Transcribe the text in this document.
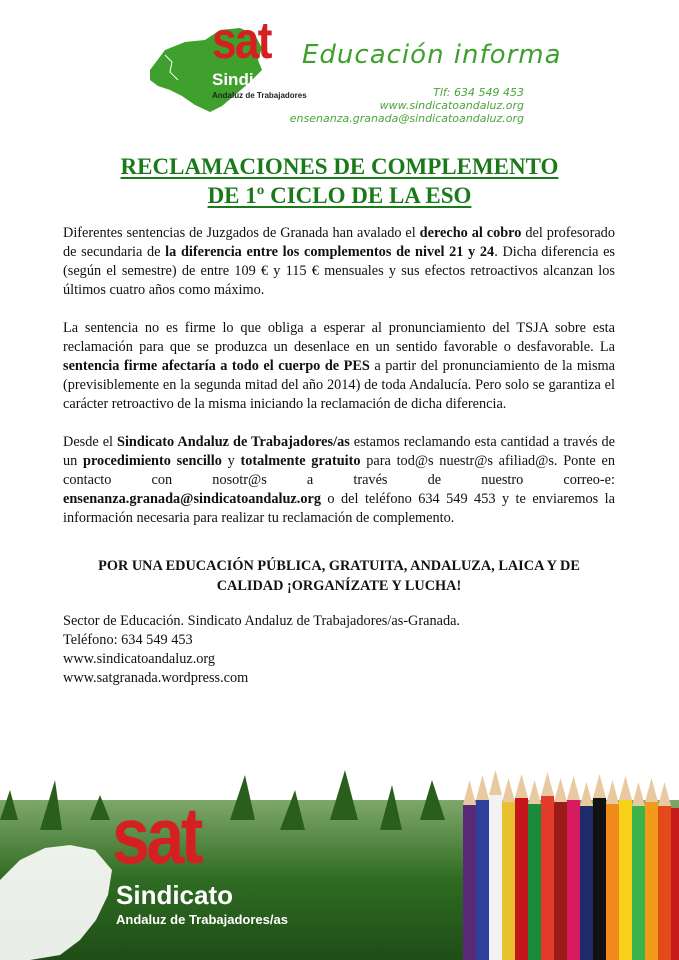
sat
Sindicato
Andaluz de Trabajadores
Educación informa
Tlf: 634 549 453
www.sindicatoandaluz.org
ensenanza.granada@sindicatoandaluz.org
RECLAMACIONES DE COMPLEMENTO
DE 1º CICLO DE LA ESO

Diferentes sentencias de Juzgados de Granada han avalado el derecho al cobro del profesorado de secundaria de la diferencia entre los complementos de nivel 21 y 24. Dicha diferencia es (según el semestre) de entre 109 € y 115 € mensuales y sus efectos retroactivos alcanzan los últimos cuatro años como máximo.

La sentencia no es firme lo que obliga a esperar al pronunciamiento del TSJA sobre esta reclamación para que se produzca un desenlace en un sentido favorable o desfavorable. La sentencia firme afectaría a todo el cuerpo de PES a partir del pronunciamiento de la misma (previsiblemente en la segunda mitad del año 2014) de toda Andalucía. Pero solo se garantiza el carácter retroactivo de la misma iniciando la reclamación de dicha diferencia.

Desde el Sindicato Andaluz de Trabajadores/as estamos reclamando esta cantidad a través de un procedimiento sencillo y totalmente gratuito para tod@s nuestr@s afiliad@s. Ponte en contacto con nosotr@s a través de nuestro correo-e: ensenanza.granada@sindicatoandaluz.org o del teléfono 634 549 453 y te enviaremos la información necesaria para realizar tu reclamación de complemento.

POR UNA EDUCACIÓN PÚBLICA, GRATUITA, ANDALUZA, LAICA Y DE
CALIDAD ¡ORGANÍZATE Y LUCHA!
Sector de Educación. Sindicato Andaluz de Trabajadores/as-Granada.
Teléfono: 634 549 453
www.sindicatoandaluz.org
www.satgranada.wordpress.com
sat
Sindicato
Andaluz de Trabajadores/as
